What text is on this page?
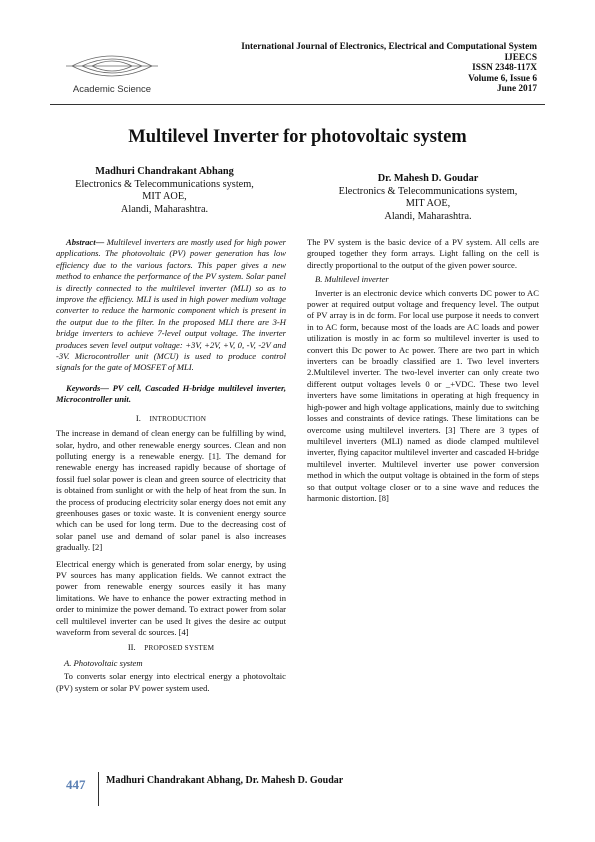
Academic Science
International Journal of Electronics, Electrical and Computational System
IJEECS
ISSN 2348-117X
Volume 6, Issue 6
June 2017
Multilevel Inverter for photovoltaic system
Madhuri Chandrakant Abhang
Electronics & Telecommunications system,
MIT AOE,
Alandi, Maharashtra.
Dr. Mahesh D. Goudar
Electronics & Telecommunications system,
MIT AOE,
Alandi, Maharashtra.

Abstract— Multilevel inverters are mostly used for high power applications. The photovoltaic (PV) power generation has low efficiency due to the various factors. This paper gives a new method to enhance the performance of the PV system. Solar panel is directly connected to the multilevel inverter (MLI) so as to improve the efficiency. MLI is used in high power medium voltage converter to reduce the harmonic component which is present in the output due to the filter. In the proposed MLI there are 3-H bridge inverters to achieve 7-level output voltage. The inverter produces seven level output voltage: +3V, +2V, +V, 0, -V, -2V and -3V. Microcontroller unit (MCU) is used to produce control signals for the gate of MOSFET of MLI.

Keywords— PV cell, Cascaded H-bridge multilevel inverter, Microcontroller unit.

I. INTRODUCTION

The increase in demand of clean energy can be fulfilling by wind, solar, hydro, and other renewable energy sources. Clean and non polluting energy is a renewable energy. [1]. The demand for renewable energy has increased rapidly because of shortage of fossil fuel solar power is clean and green source of electricity that is obtained from sunlight or with the help of heat from the sun. In the process of producing electricity solar energy does not emit any greenhouses gases or toxic waste. It is convenient energy source which can be used for long term. Due to the decreasing cost of solar panel use and demand of solar panel is also increases gradually. [2]

Electrical energy which is generated from solar energy, by using PV sources has many application fields. We cannot extract the power from renewable energy sources easily it has many limitations. We have to enhance the power extracting method in order to minimize the power demand. To extract power from solar cell multilevel inverter can be used It gives the desire ac output waveform from several dc sources. [4]

II. PROPOSED SYSTEM
A. Photovoltaic system

To converts solar energy into electrical energy a photovoltaic (PV) system or solar PV power system used.

The PV system is the basic device of a PV system. All cells are grouped together they form arrays. Light falling on the cell is directly proportional to the output of the given power source.

B. Multilevel inverter

Inverter is an electronic device which converts DC power to AC power at required output voltage and frequency level. The output of PV array is in dc form. For local use purpose it needs to convert in to AC form, because most of the loads are AC loads and power utilization is mostly in ac form so multilevel inverter is used to convert this Dc power to Ac power. There are two part in which inverters can be broadly classified are 1. Two level inverters 2.Multilevel inverter. The two-level inverter can only create two different output voltages levels 0 or _+VDC. These two level inverters have some limitations in operating at high frequency in high-power and high voltage applications, mainly due to switching losses and constraints of device ratings. These limitations can be overcome using multilevel inverters. [3] There are 3 types of multilevel inverters (MLI) named as diode clamped multilevel inverter, flying capacitor multilevel inverter and cascaded H-bridge multilevel inverter. Multilevel inverter use power conversion method in which the output voltage is obtained in the form of steps so that output voltage closer or to a sine wave and reduces the harmonic distortion. [8]

447 Madhuri Chandrakant Abhang, Dr. Mahesh D. Goudar
